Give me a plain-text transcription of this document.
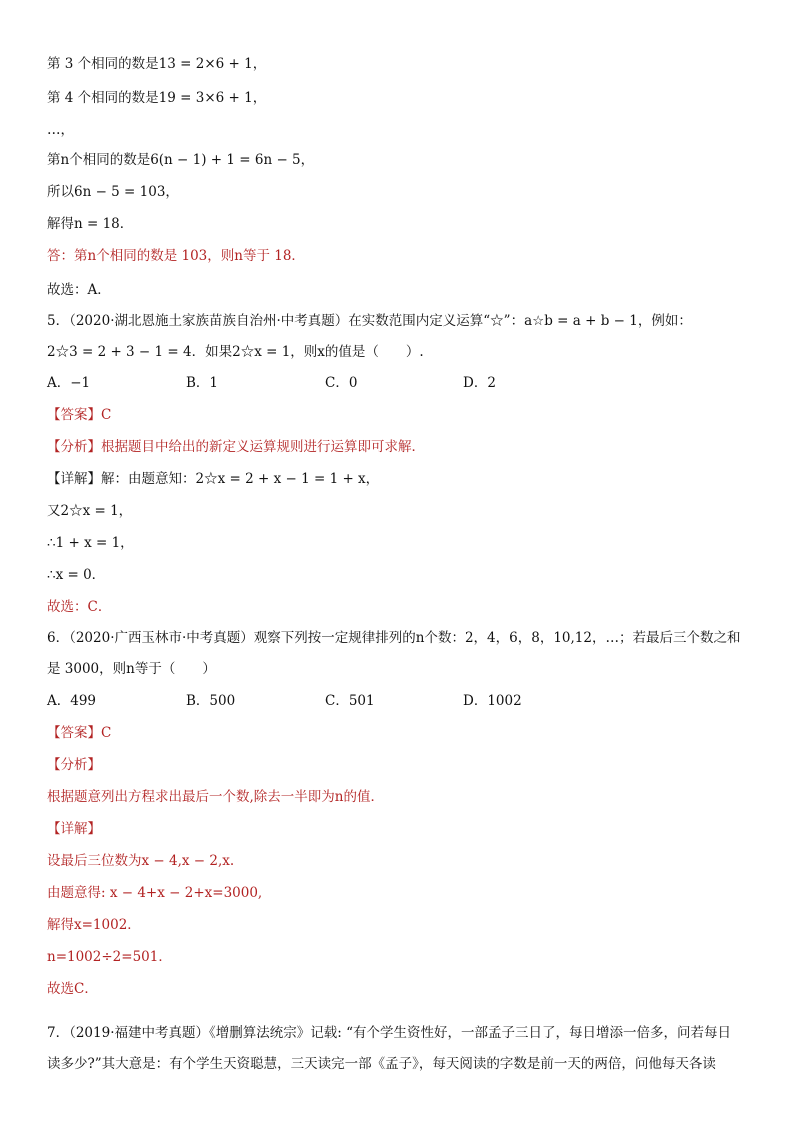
第 3 个相同的数是13 = 2×6 + 1，
第 4 个相同的数是19 = 3×6 + 1，
…，
第n个相同的数是6(n − 1) + 1 = 6n − 5，
所以6n − 5 = 103，
解得n = 18．
答：第n个相同的数是 103，则n等于 18．
故选：A．
5．（2020·湖北恩施土家族苗族自治州·中考真题）在实数范围内定义运算“☆”：a☆b = a + b − 1，例如：
2☆3 = 2 + 3 − 1 = 4．如果2☆x = 1，则x的值是（　　）.
A．−1	B．1	C．0	D．2
【答案】C
【分析】根据题目中给出的新定义运算规则进行运算即可求解．
【详解】解：由题意知：2☆x = 2 + x − 1 = 1 + x，
又2☆x = 1，
∴1 + x = 1，
∴x = 0．
故选：C．
6．（2020·广西玉林市·中考真题）观察下列按一定规律排列的n个数：2，4，6，8，10,12，…；若最后三个数之和
是 3000，则n等于（　　）
A．499	B．500	C．501	D．1002
【答案】C
【分析】
根据题意列出方程求出最后一个数,除去一半即为n的值．
【详解】
设最后三位数为x − 4,x − 2,x.
由题意得: x − 4+x − 2+x=3000,
解得x=1002．
n=1002÷2=501．
故选C．
7．（2019·福建中考真题）《增删算法统宗》记载: “有个学生资性好，一部孟子三日了，每日增添一倍多，问若每日
读多少?”其大意是：有个学生天资聪慧，三天读完一部《孟子》，每天阅读的字数是前一天的两倍，问他每天各读
